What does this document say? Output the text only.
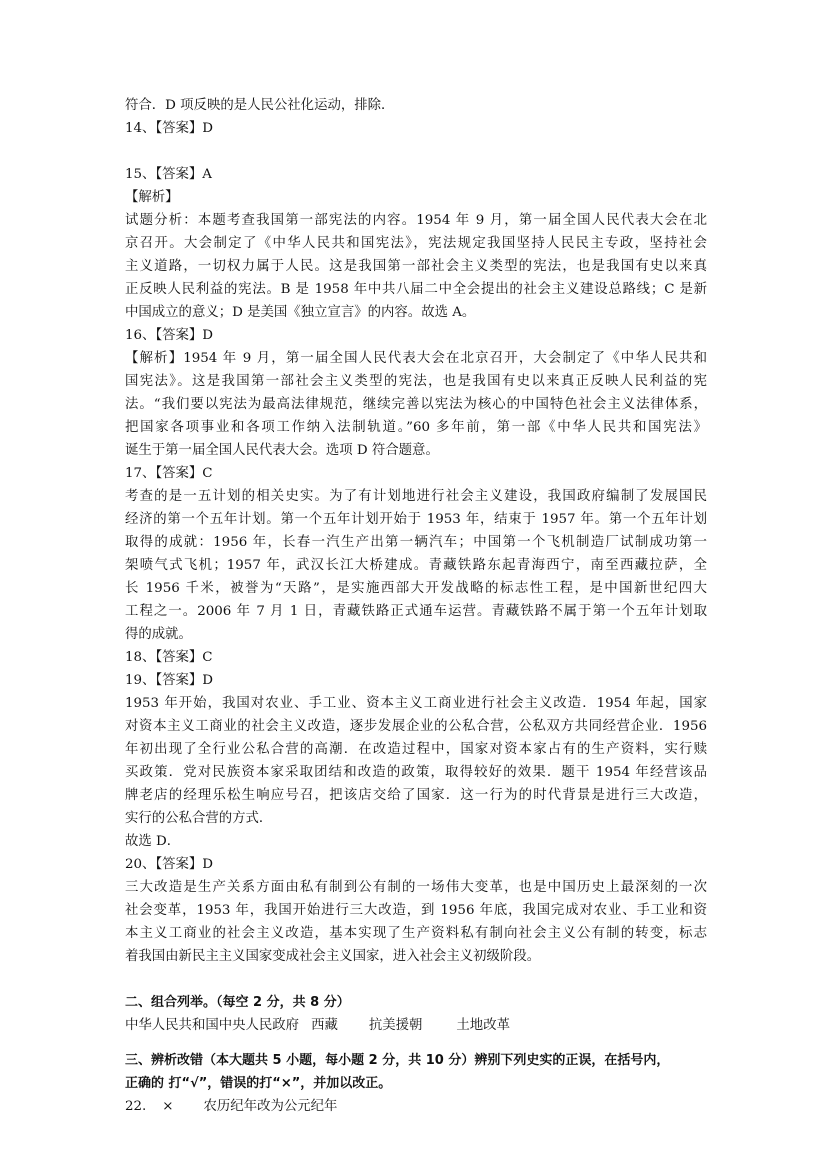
符合．D 项反映的是人民公社化运动，排除．

14、【答案】D

15、【答案】A

【解析】

试题分析：本题考查我国第一部宪法的内容。1954 年 9 月，第一届全国人民代表大会在北

京召开。大会制定了《中华人民共和国宪法》，宪法规定我国坚持人民民主专政，坚持社会

主义道路，一切权力属于人民。这是我国第一部社会主义类型的宪法，也是我国有史以来真

正反映人民利益的宪法。B 是 1958 年中共八届二中全会提出的社会主义建设总路线；C 是新

中国成立的意义；D 是美国《独立宣言》的内容。故选 A。

16、【答案】D

【解析】1954 年 9 月，第一届全国人民代表大会在北京召开，大会制定了《中华人民共和

国宪法》。这是我国第一部社会主义类型的宪法，也是我国有史以来真正反映人民利益的宪

法。“我们要以宪法为最高法律规范，继续完善以宪法为核心的中国特色社会主义法律体系，

把国家各项事业和各项工作纳入法制轨道。”60 多年前，第一部《中华人民共和国宪法》

诞生于第一届全国人民代表大会。选项 D 符合题意。

17、【答案】C

考查的是一五计划的相关史实。为了有计划地进行社会主义建设，我国政府编制了发展国民

经济的第一个五年计划。第一个五年计划开始于 1953 年，结束于 1957 年。第一个五年计划

取得的成就：1956 年，长春一汽生产出第一辆汽车；中国第一个飞机制造厂试制成功第一

架喷气式飞机；1957 年，武汉长江大桥建成。青藏铁路东起青海西宁，南至西藏拉萨，全

长 1956 千米，被誉为“天路”，是实施西部大开发战略的标志性工程，是中国新世纪四大

工程之一。2006 年 7 月 1 日，青藏铁路正式通车运营。青藏铁路不属于第一个五年计划取

得的成就。

18、【答案】C

19、【答案】D

1953 年开始，我国对农业、手工业、资本主义工商业进行社会主义改造．1954 年起，国家

对资本主义工商业的社会主义改造，逐步发展企业的公私合营，公私双方共同经营企业．1956

年初出现了全行业公私合营的高潮．在改造过程中，国家对资本家占有的生产资料，实行赎

买政策．党对民族资本家采取团结和改造的政策，取得较好的效果．题干 1954 年经营该品

牌老店的经理乐松生响应号召，把该店交给了国家．这一行为的时代背景是进行三大改造，

实行的公私合营的方式．

故选 D．

20、【答案】D

三大改造是生产关系方面由私有制到公有制的一场伟大变革，也是中国历史上最深刻的一次

社会变革，1953 年，我国开始进行三大改造，到 1956 年底，我国完成对农业、手工业和资

本主义工商业的社会主义改造，基本实现了生产资料私有制向社会主义公有制的转变，标志

着我国由新民主主义国家变成社会主义国家，进入社会主义初级阶段。

二、组合列举。（每空 2 分，共 8 分）

中华人民共和国中央人民政府 西藏 抗美援朝	土地改革

三、辨析改错（本大题共 5 小题，每小题 2 分，共 10 分）辨别下列史实的正误，在括号内，

正确的 打“√”，错误的打“×”，并加以改正。

22. × 农历纪年改为公元纪年
